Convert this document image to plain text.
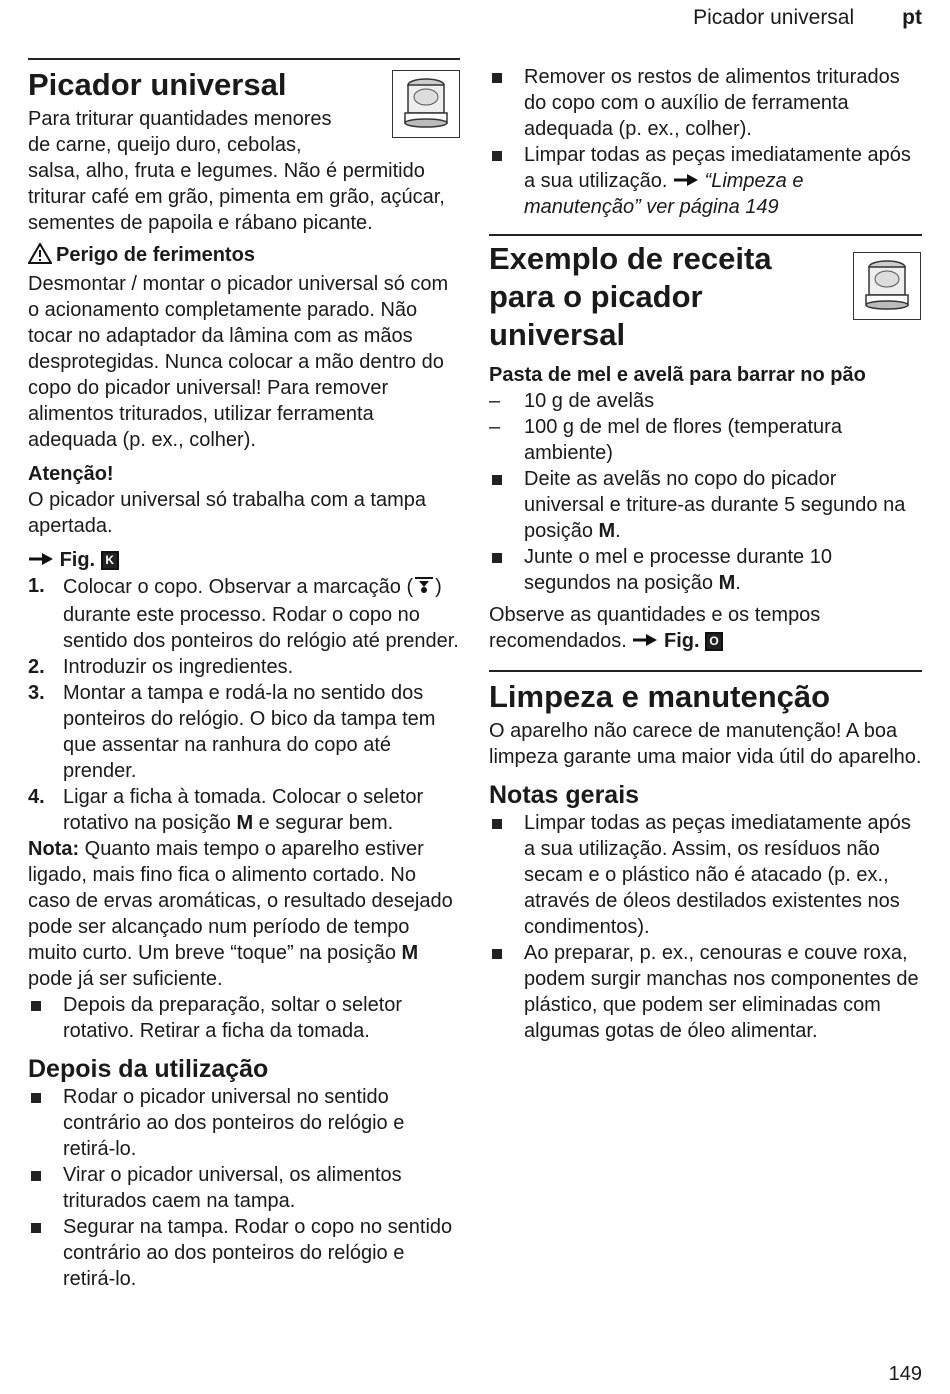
Picador universal pt
Picador universal

Para triturar quantidades menores

de carne, queijo duro, cebolas,

salsa, alho, fruta e legumes. Não é permitido triturar café em grão, pimenta em grão, açúcar, sementes de papoila e rábano picante.

Perigo de ferimentos

Desmontar / montar o picador universal só com o acionamento completamente parado. Não tocar no adaptador da lâmina com as mãos desprotegidas. Nunca colocar a mão dentro do copo do picador universal! Para remover alimentos triturados, utilizar ferramenta adequada (p. ex., colher).

Atenção!

O picador universal só trabalha com a tampa apertada.

Fig. K

1. Colocar o copo. Observar a marcação ( ) durante este processo. Rodar o copo no sentido dos ponteiros do relógio até prender.
2. Introduzir os ingredientes.
3. Montar a tampa e rodá-la no sentido dos ponteiros do relógio. O bico da tampa tem que assentar na ranhura do copo até prender.
4. Ligar a ficha à tomada. Colocar o seletor rotativo na posição M e segurar bem.

Nota: Quanto mais tempo o aparelho estiver ligado, mais fino fica o alimento cortado. No caso de ervas aromáticas, o resultado desejado pode ser alcançado num período de tempo muito curto. Um breve “toque” na posição M pode já ser suficiente.

Depois da preparação, soltar o seletor rotativo. Retirar a ficha da tomada.
Depois da utilização
Rodar o picador universal no sentido contrário ao dos ponteiros do relógio e retirá-lo.
Virar o picador universal, os alimentos triturados caem na tampa.
Segurar na tampa. Rodar o copo no sentido contrário ao dos ponteiros do relógio e retirá-lo.
Remover os restos de alimentos triturados do copo com o auxílio de ferramenta adequada (p. ex., colher).
Limpar todas as peças imediatamente após a sua utilização.  “Limpeza e manutenção” ver página 149
Exemplo de receita
para o picador
universal

Pasta de mel e avelã para barrar no pão

– 10 g de avelãs
– 100 g de mel de flores (temperatura ambiente)
Deite as avelãs no copo do picador universal e triture-as durante 5 segundo na posição M.
Junte o mel e processe durante 10 segundos na posição M.

Observe as quantidades e os tempos recomendados.  Fig. O

Limpeza e manutenção

O aparelho não carece de manutenção! A boa limpeza garante uma maior vida útil do aparelho.

Notas gerais
Limpar todas as peças imediatamente após a sua utilização. Assim, os resíduos não secam e o plástico não é atacado (p. ex., através de óleos destilados existentes nos condimentos).
Ao preparar, p. ex., cenouras e couve roxa, podem surgir manchas nos componentes de plástico, que podem ser eliminadas com algumas gotas de óleo alimentar.
149
